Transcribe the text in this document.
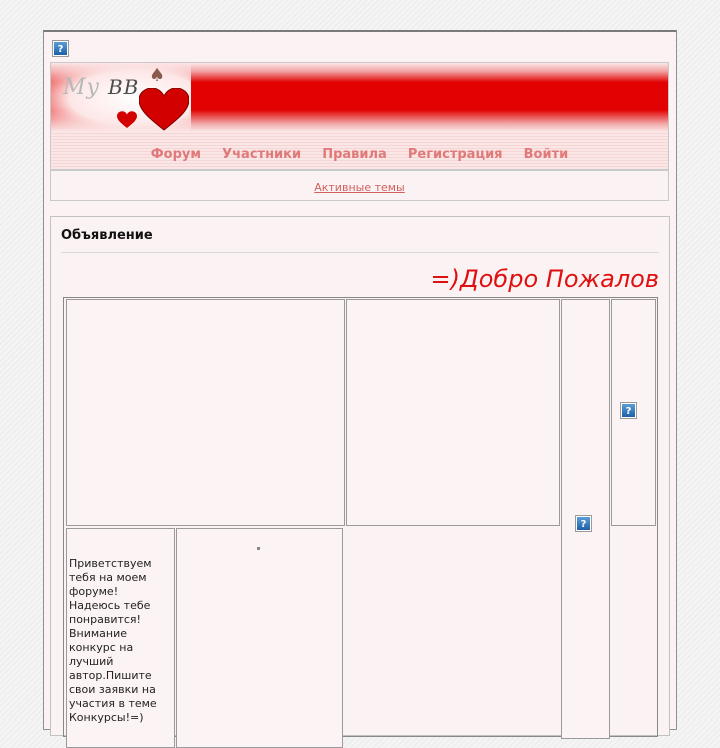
?
My BB ♠
Форум Участники Правила Регистрация Войти
Активные темы
Объявление
=)Добро Пожалов
?
?
Приветствуем тебя на моем форуме! Надеюсь тебе понравится! Внимание конкурс на лучший автор.Пишите свои заявки на участия в теме Конкурсы!=)
